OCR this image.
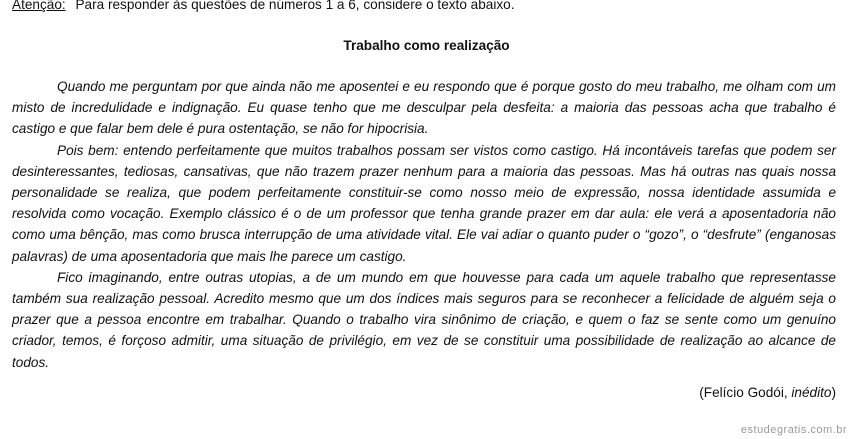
Atenção: Para responder às questões de números 1 a 6, considere o texto abaixo.
Trabalho como realização

Quando me perguntam por que ainda não me aposentei e eu respondo que é porque gosto do meu trabalho, me olham com um misto de incredulidade e indignação. Eu quase tenho que me desculpar pela desfeita: a maioria das pessoas acha que trabalho é castigo e que falar bem dele é pura ostentação, se não for hipocrisia.

Pois bem: entendo perfeitamente que muitos trabalhos possam ser vistos como castigo. Há incontáveis tarefas que podem ser desinteressantes, tediosas, cansativas, que não trazem prazer nenhum para a maioria das pessoas. Mas há outras nas quais nossa personalidade se realiza, que podem perfeitamente constituir-se como nosso meio de expressão, nossa identidade assumida e resolvida como vocação. Exemplo clássico é o de um professor que tenha grande prazer em dar aula: ele verá a aposentadoria não como uma bênção, mas como brusca interrupção de uma atividade vital. Ele vai adiar o quanto puder o “gozo”, o “desfrute” (enganosas palavras) de uma aposentadoria que mais lhe parece um castigo.

Fico imaginando, entre outras utopias, a de um mundo em que houvesse para cada um aquele trabalho que representasse também sua realização pessoal. Acredito mesmo que um dos índices mais seguros para se reconhecer a felicidade de alguém seja o prazer que a pessoa encontre em trabalhar. Quando o trabalho vira sinônimo de criação, e quem o faz se sente como um genuíno criador, temos, é forçoso admitir, uma situação de privilégio, em vez de se constituir uma possibilidade de realização ao alcance de todos.

(Felício Godói, inédito)
estudegratis.com.br
